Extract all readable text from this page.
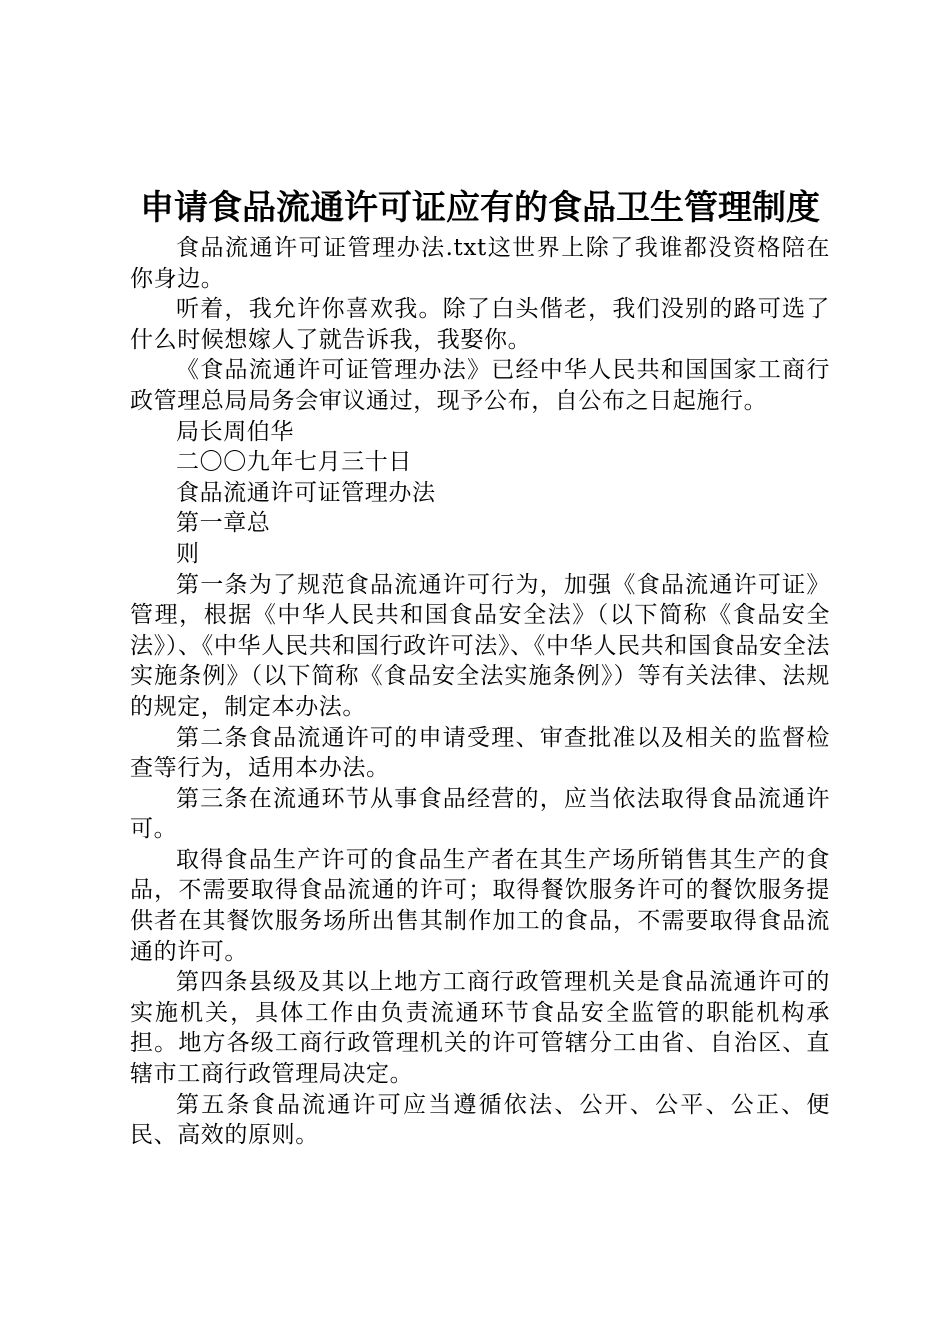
申请食品流通许可证应有的食品卫生管理制度

食品流通许可证管理办法.txt这世界上除了我谁都没资格陪在你身边。

听着，我允许你喜欢我。除了白头偕老，我们没别的路可选了什么时候想嫁人了就告诉我，我娶你。

《食品流通许可证管理办法》已经中华人民共和国国家工商行政管理总局局务会审议通过，现予公布，自公布之日起施行。

局长周伯华

二〇〇九年七月三十日

食品流通许可证管理办法

第一章总

则

第一条为了规范食品流通许可行为，加强《食品流通许可证》管理，根据《中华人民共和国食品安全法》（以下简称《食品安全法》）、《中华人民共和国行政许可法》、《中华人民共和国食品安全法实施条例》（以下简称《食品安全法实施条例》）等有关法律、法规的规定，制定本办法。

第二条食品流通许可的申请受理、审查批准以及相关的监督检查等行为，适用本办法。

第三条在流通环节从事食品经营的，应当依法取得食品流通许可。

取得食品生产许可的食品生产者在其生产场所销售其生产的食品，不需要取得食品流通的许可；取得餐饮服务许可的餐饮服务提供者在其餐饮服务场所出售其制作加工的食品，不需要取得食品流通的许可。

第四条县级及其以上地方工商行政管理机关是食品流通许可的实施机关，具体工作由负责流通环节食品安全监管的职能机构承担。地方各级工商行政管理机关的许可管辖分工由省、自治区、直辖市工商行政管理局决定。

第五条食品流通许可应当遵循依法、公开、公平、公正、便民、高效的原则。
